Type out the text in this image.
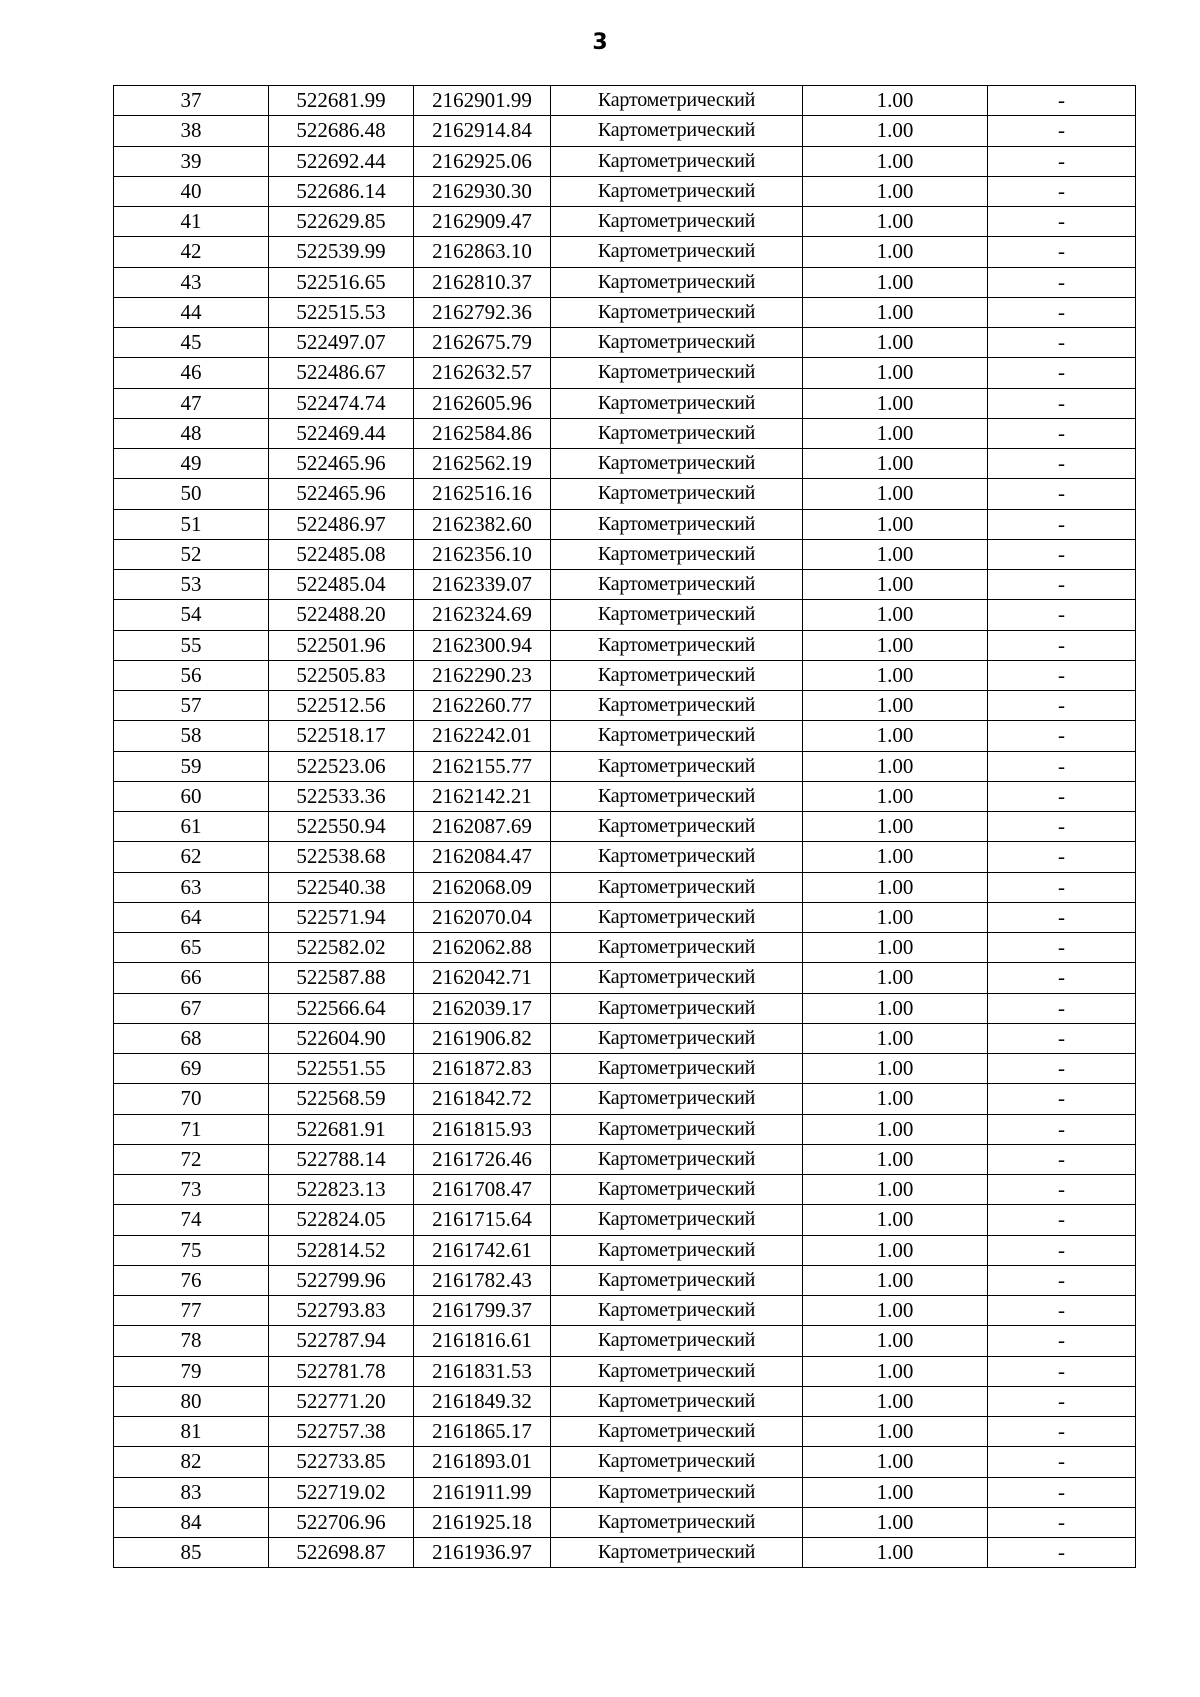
3
37	522681.99	2162901.99	Картометрический	1.00	-
38	522686.48	2162914.84	Картометрический	1.00	-
39	522692.44	2162925.06	Картометрический	1.00	-
40	522686.14	2162930.30	Картометрический	1.00	-
41	522629.85	2162909.47	Картометрический	1.00	-
42	522539.99	2162863.10	Картометрический	1.00	-
43	522516.65	2162810.37	Картометрический	1.00	-
44	522515.53	2162792.36	Картометрический	1.00	-
45	522497.07	2162675.79	Картометрический	1.00	-
46	522486.67	2162632.57	Картометрический	1.00	-
47	522474.74	2162605.96	Картометрический	1.00	-
48	522469.44	2162584.86	Картометрический	1.00	-
49	522465.96	2162562.19	Картометрический	1.00	-
50	522465.96	2162516.16	Картометрический	1.00	-
51	522486.97	2162382.60	Картометрический	1.00	-
52	522485.08	2162356.10	Картометрический	1.00	-
53	522485.04	2162339.07	Картометрический	1.00	-
54	522488.20	2162324.69	Картометрический	1.00	-
55	522501.96	2162300.94	Картометрический	1.00	-
56	522505.83	2162290.23	Картометрический	1.00	-
57	522512.56	2162260.77	Картометрический	1.00	-
58	522518.17	2162242.01	Картометрический	1.00	-
59	522523.06	2162155.77	Картометрический	1.00	-
60	522533.36	2162142.21	Картометрический	1.00	-
61	522550.94	2162087.69	Картометрический	1.00	-
62	522538.68	2162084.47	Картометрический	1.00	-
63	522540.38	2162068.09	Картометрический	1.00	-
64	522571.94	2162070.04	Картометрический	1.00	-
65	522582.02	2162062.88	Картометрический	1.00	-
66	522587.88	2162042.71	Картометрический	1.00	-
67	522566.64	2162039.17	Картометрический	1.00	-
68	522604.90	2161906.82	Картометрический	1.00	-
69	522551.55	2161872.83	Картометрический	1.00	-
70	522568.59	2161842.72	Картометрический	1.00	-
71	522681.91	2161815.93	Картометрический	1.00	-
72	522788.14	2161726.46	Картометрический	1.00	-
73	522823.13	2161708.47	Картометрический	1.00	-
74	522824.05	2161715.64	Картометрический	1.00	-
75	522814.52	2161742.61	Картометрический	1.00	-
76	522799.96	2161782.43	Картометрический	1.00	-
77	522793.83	2161799.37	Картометрический	1.00	-
78	522787.94	2161816.61	Картометрический	1.00	-
79	522781.78	2161831.53	Картометрический	1.00	-
80	522771.20	2161849.32	Картометрический	1.00	-
81	522757.38	2161865.17	Картометрический	1.00	-
82	522733.85	2161893.01	Картометрический	1.00	-
83	522719.02	2161911.99	Картометрический	1.00	-
84	522706.96	2161925.18	Картометрический	1.00	-
85	522698.87	2161936.97	Картометрический	1.00	-
